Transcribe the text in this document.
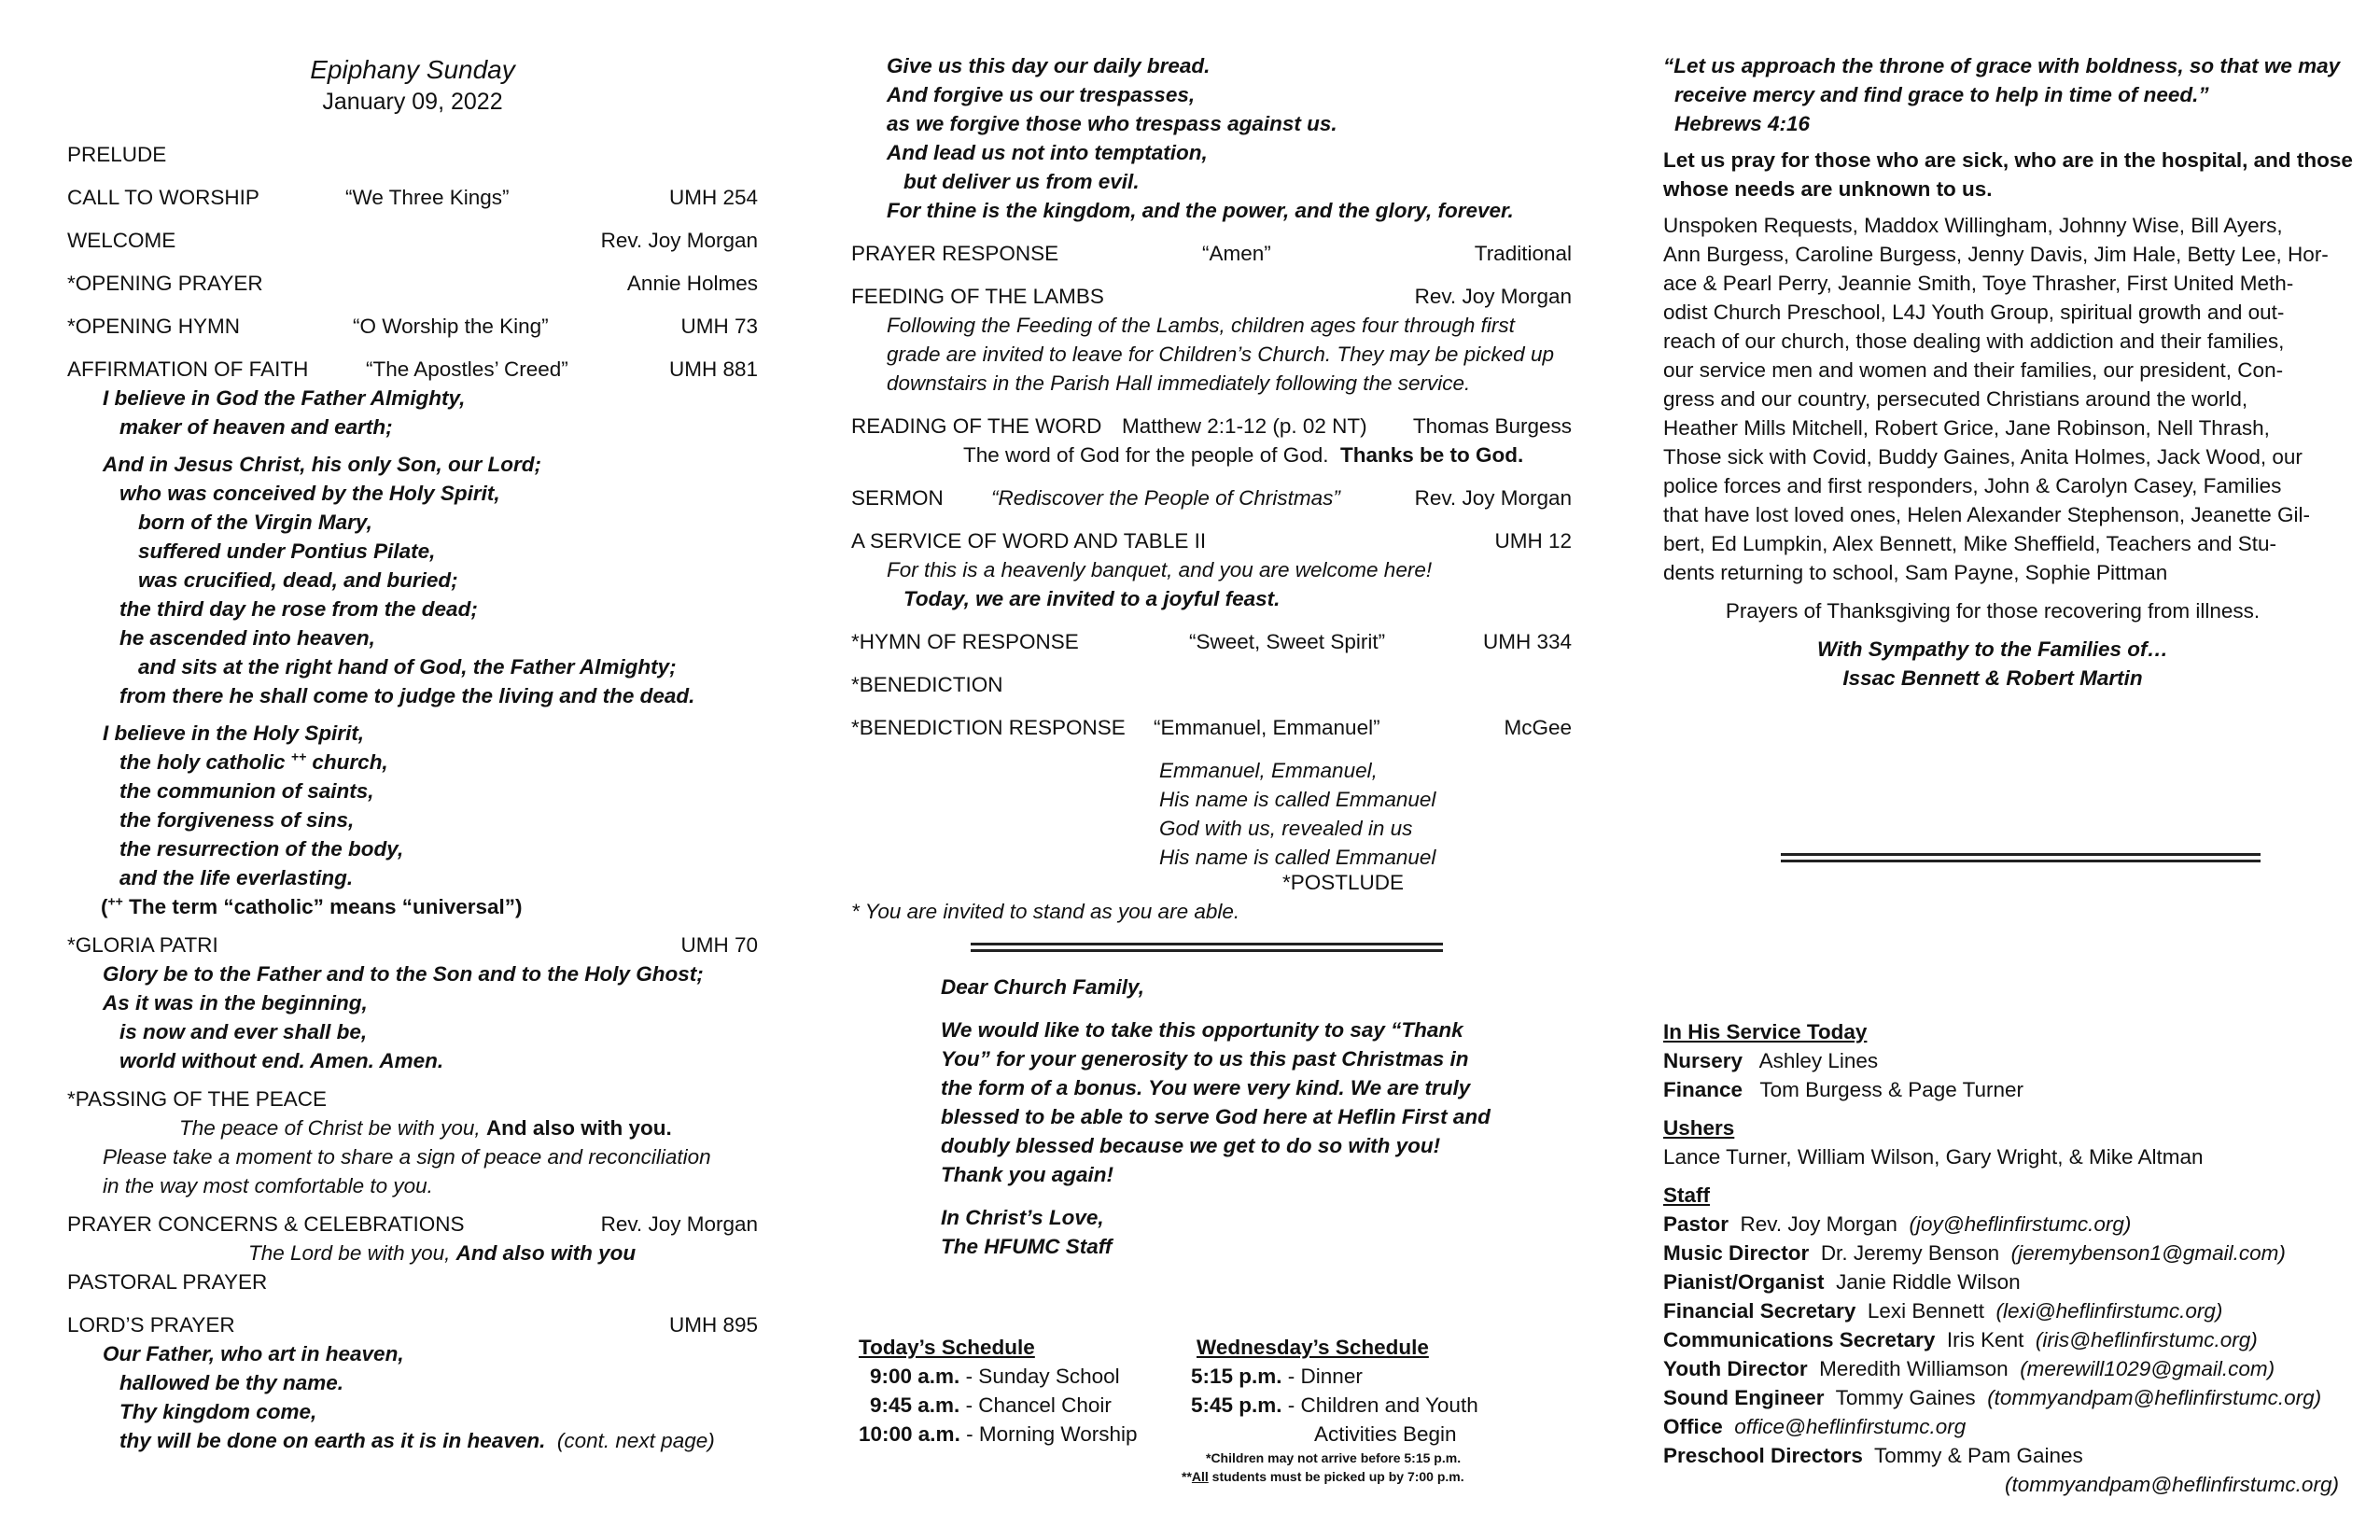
Epiphany Sunday
January 09, 2022
PRELUDE
CALL TO WORSHIP	“We Three Kings”	UMH 254
WELCOME	Rev. Joy Morgan
*OPENING PRAYER	Annie Holmes
*OPENING HYMN	“O Worship the King”	UMH 73
AFFIRMATION OF FAITH	“The Apostles’ Creed”	UMH 881
I believe in God the Father Almighty,
maker of heaven and earth;
And in Jesus Christ, his only Son, our Lord;
who was conceived by the Holy Spirit,
born of the Virgin Mary,
suffered under Pontius Pilate,
was crucified, dead, and buried;
the third day he rose from the dead;
he ascended into heaven,
and sits at the right hand of God, the Father Almighty;
from there he shall come to judge the living and the dead.
I believe in the Holy Spirit,
the holy catholic ++ church,
the communion of saints,
the forgiveness of sins,
the resurrection of the body,
and the life everlasting.
(++ The term “catholic” means “universal”)
*GLORIA PATRI	UMH 70
Glory be to the Father and to the Son and to the Holy Ghost;
As it was in the beginning,
is now and ever shall be,
world without end. Amen. Amen.
*PASSING OF THE PEACE
The peace of Christ be with you, And also with you.
Please take a moment to share a sign of peace and reconciliation
in the way most comfortable to you.
PRAYER CONCERNS & CELEBRATIONS	Rev. Joy Morgan
The Lord be with you, And also with you
PASTORAL PRAYER
LORD’S PRAYER	UMH 895
Our Father, who art in heaven,
hallowed be thy name.
Thy kingdom come,
thy will be done on earth as it is in heaven. (cont. next page)
Give us this day our daily bread.
And forgive us our trespasses,
as we forgive those who trespass against us.
And lead us not into temptation,
but deliver us from evil.
For thine is the kingdom, and the power, and the glory, forever.
PRAYER RESPONSE	“Amen”	Traditional
FEEDING OF THE LAMBS	Rev. Joy Morgan
Following the Feeding of the Lambs, children ages four through first
grade are invited to leave for Children’s Church. They may be picked up
downstairs in the Parish Hall immediately following the service.
READING OF THE WORD Matthew 2:1-12 (p. 02 NT) Thomas Burgess
The word of God for the people of God. Thanks be to God.
SERMON “Rediscover the People of Christmas”	Rev. Joy Morgan
A SERVICE OF WORD AND TABLE II	UMH 12
For this is a heavenly banquet, and you are welcome here!
Today, we are invited to a joyful feast.
*HYMN OF RESPONSE	“Sweet, Sweet Spirit”	UMH 334
*BENEDICTION
*BENEDICTION RESPONSE “Emmanuel, Emmanuel”	McGee
Emmanuel, Emmanuel,
His name is called Emmanuel
God with us, revealed in us
His name is called Emmanuel
*POSTLUDE
* You are invited to stand as you are able.
Dear Church Family,
We would like to take this opportunity to say “Thank
You” for your generosity to us this past Christmas in
the form of a bonus. You were very kind. We are truly
blessed to be able to serve God here at Heflin First and
doubly blessed because we get to do so with you!
Thank you again!
In Christ’s Love,
The HFUMC Staff
Today’s Schedule
9:00 a.m. - Sunday School
9:45 a.m. - Chancel Choir
10:00 a.m. - Morning Worship
Wednesday’s Schedule
5:15 p.m. - Dinner
5:45 p.m. - Children and Youth
Activities Begin
*Children may not arrive before 5:15 p.m.
**All students must be picked up by 7:00 p.m.
“Let us approach the throne of grace with boldness, so that we may
receive mercy and find grace to help in time of need.”
Hebrews 4:16
Let us pray for those who are sick, who are in the hospital, and those
whose needs are unknown to us.
Unspoken Requests, Maddox Willingham, Johnny Wise, Bill Ayers,
Ann Burgess, Caroline Burgess, Jenny Davis, Jim Hale, Betty Lee, Hor-
ace & Pearl Perry, Jeannie Smith, Toye Thrasher, First United Meth-
odist Church Preschool, L4J Youth Group, spiritual growth and out-
reach of our church, those dealing with addiction and their families,
our service men and women and their families, our president, Con-
gress and our country, persecuted Christians around the world,
Heather Mills Mitchell, Robert Grice, Jane Robinson, Nell Thrash,
Those sick with Covid, Buddy Gaines, Anita Holmes, Jack Wood, our
police forces and first responders, John & Carolyn Casey, Families
that have lost loved ones, Helen Alexander Stephenson, Jeanette Gil-
bert, Ed Lumpkin, Alex Bennett, Mike Sheffield, Teachers and Stu-
dents returning to school, Sam Payne, Sophie Pittman
Prayers of Thanksgiving for those recovering from illness.
With Sympathy to the Families of…
Issac Bennett & Robert Martin
In His Service Today
Nursery Ashley Lines
Finance Tom Burgess & Page Turner
Ushers
Lance Turner, William Wilson, Gary Wright, & Mike Altman
Staff
Pastor Rev. Joy Morgan (joy@heflinfirstumc.org)
Music Director Dr. Jeremy Benson (jeremybenson1@gmail.com)
Pianist/Organist Janie Riddle Wilson
Financial Secretary Lexi Bennett (lexi@heflinfirstumc.org)
Communications Secretary Iris Kent (iris@heflinfirstumc.org)
Youth Director Meredith Williamson (merewill1029@gmail.com)
Sound Engineer Tommy Gaines (tommyandpam@heflinfirstumc.org)
Office office@heflinfirstumc.org
Preschool Directors Tommy & Pam Gaines
(tommyandpam@heflinfirstumc.org)
